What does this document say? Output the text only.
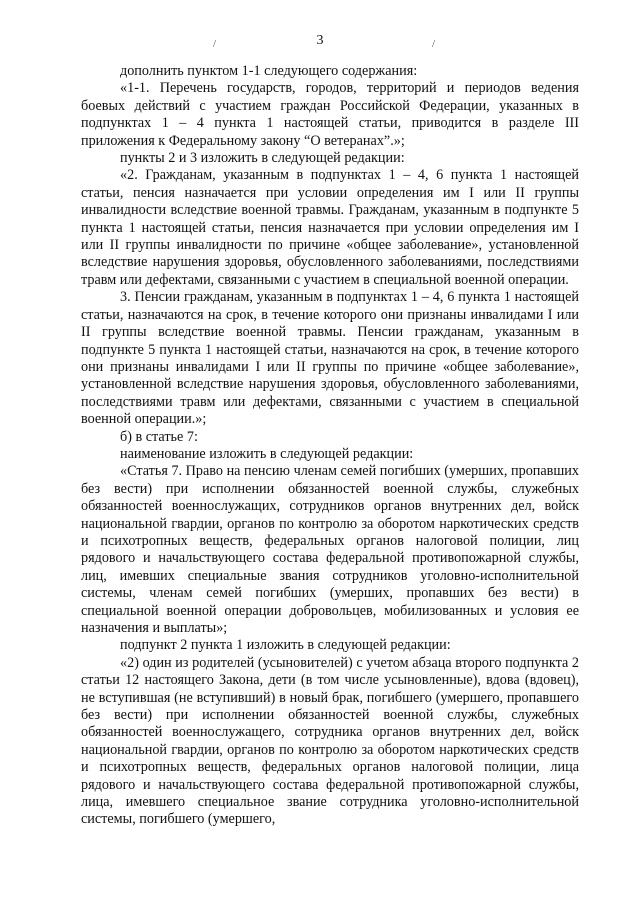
3
/	/

дополнить пунктом 1-1 следующего содержания:

«1-1. Перечень государств, городов, территорий и периодов ведения боевых действий с участием граждан Российской Федерации, указанных в подпунктах 1 – 4 пункта 1 настоящей статьи, приводится в разделе III приложения к Федеральному закону “О ветеранах”.»;

пункты 2 и 3 изложить в следующей редакции:

«2. Гражданам, указанным в подпунктах 1 – 4, 6 пункта 1 настоящей статьи, пенсия назначается при условии определения им I или II группы инвалидности вследствие военной травмы. Гражданам, указанным в подпункте 5 пункта 1 настоящей статьи, пенсия назначается при условии определения им I или II группы инвалидности по причине «общее заболевание», установленной вследствие нарушения здоровья, обусловленного заболеваниями, последствиями травм или дефектами, связанными с участием в специальной военной операции.

3. Пенсии гражданам, указанным в подпунктах 1 – 4, 6 пункта 1 настоящей статьи, назначаются на срок, в течение которого они признаны инвалидами I или II группы вследствие военной травмы. Пенсии гражданам, указанным в подпункте 5 пункта 1 настоящей статьи, назначаются на срок, в течение которого они признаны инвалидами I или II группы по причине «общее заболевание», установленной вследствие нарушения здоровья, обусловленного заболеваниями, последствиями травм или дефектами, связанными с участием в специальной военной операции.»;

б) в статье 7:

наименование изложить в следующей редакции:

«Статья 7. Право на пенсию членам семей погибших (умерших, пропавших без вести) при исполнении обязанностей военной службы, служебных обязанностей военнослужащих, сотрудников органов внутренних дел, войск национальной гвардии, органов по контролю за оборотом наркотических средств и психотропных веществ, федеральных органов налоговой полиции, лиц рядового и начальствующего состава федеральной противопожарной службы, лиц, имевших специальные звания сотрудников уголовно-исполнительной системы, членам семей погибших (умерших, пропавших без вести) в специальной военной операции добровольцев, мобилизованных и условия ее назначения и выплаты»;

подпункт 2 пункта 1 изложить в следующей редакции:

«2) один из родителей (усыновителей) с учетом абзаца второго подпункта 2 статьи 12 настоящего Закона, дети (в том числе усыновленные), вдова (вдовец), не вступившая (не вступивший) в новый брак, погибшего (умершего, пропавшего без вести) при исполнении обязанностей военной службы, служебных обязанностей военнослужащего, сотрудника органов внутренних дел, войск национальной гвардии, органов по контролю за оборотом наркотических средств и психотропных веществ, федеральных органов налоговой полиции, лица рядового и начальствующего состава федеральной противопожарной службы, лица, имевшего специальное звание сотрудника уголовно-исполнительной системы, погибшего (умершего,
